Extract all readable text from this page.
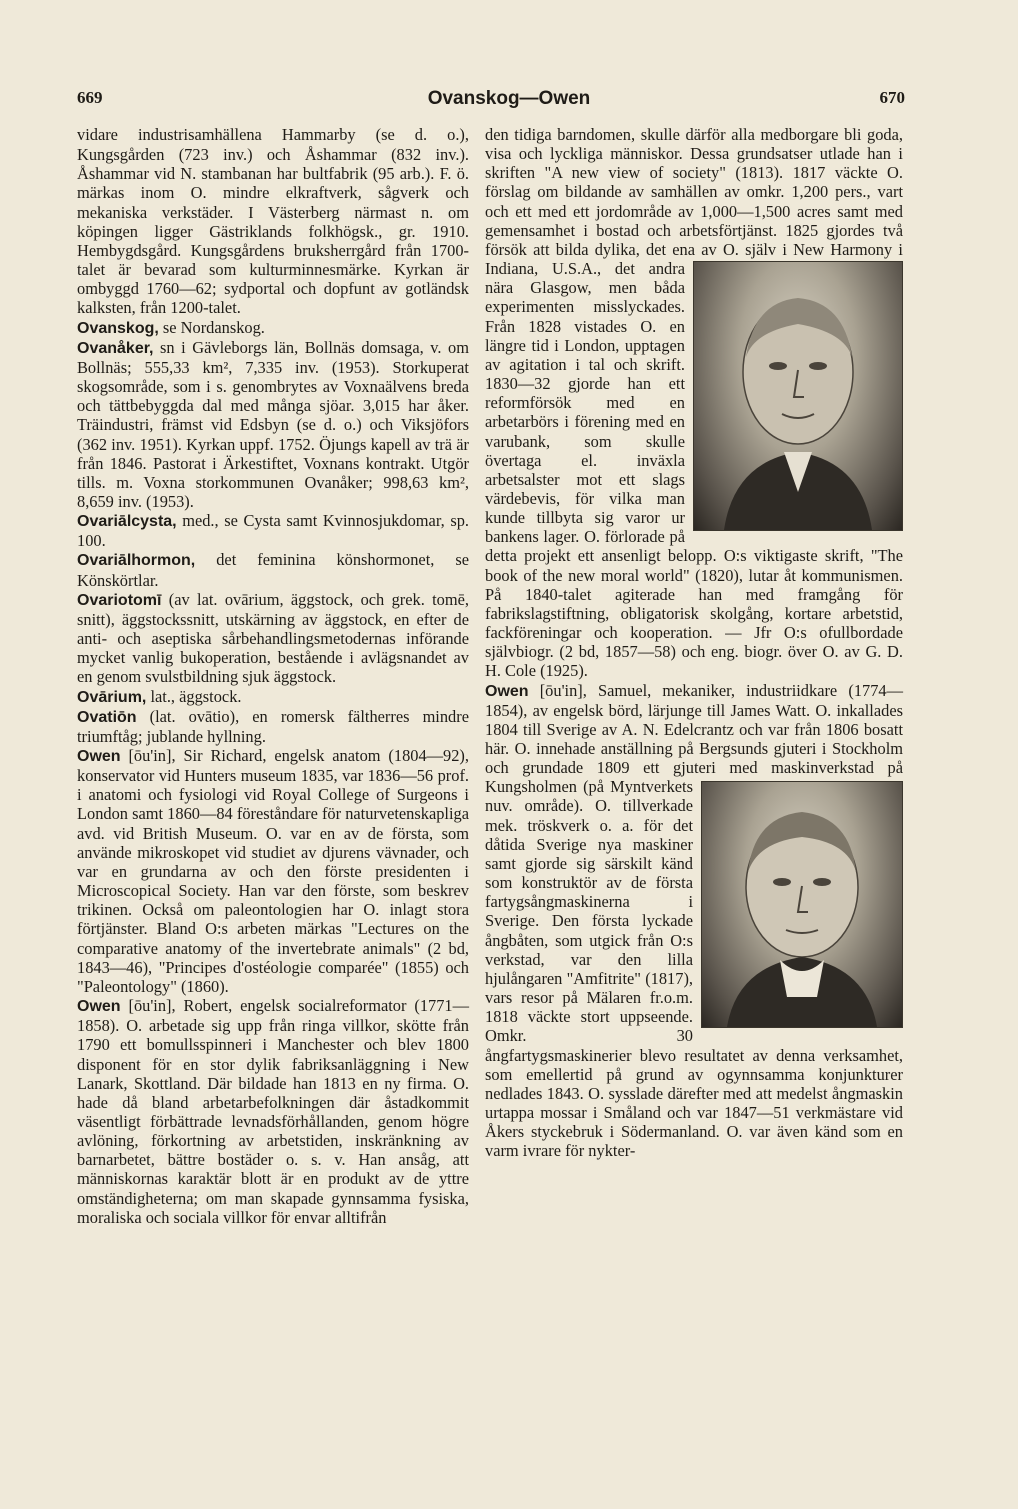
669	Ovanskog—Owen	670

vidare industrisamhällena Hammarby (se d. o.), Kungsgården (723 inv.) och Åshammar (832 inv.). Åshammar vid N. stambanan har bultfabrik (95 arb.). F. ö. märkas inom O. mindre elkraftverk, sågverk och mekaniska verkstäder. I Västerberg närmast n. om köpingen ligger Gästriklands folkhögsk., gr. 1910. Hembygdsgård. Kungsgårdens bruksherrgård från 1700-talet är bevarad som kulturminnesmärke. Kyrkan är ombyggd 1760—62; sydportal och dopfunt av gotländsk kalksten, från 1200-talet.

Ovanskog, se Nordanskog.

Ovanåker, sn i Gävleborgs län, Bollnäs domsaga, v. om Bollnäs; 555,33 km², 7,335 inv. (1953). Storkuperat skogsområde, som i s. genombrytes av Voxnaälvens breda och tättbebyggda dal med många sjöar. 3,015 har åker. Träindustri, främst vid Edsbyn (se d. o.) och Viksjöfors (362 inv. 1951). Kyrkan uppf. 1752. Öjungs kapell av trä är från 1846. Pastorat i Ärkestiftet, Voxnans kontrakt. Utgör tills. m. Voxna storkommunen Ovanåker; 998,63 km², 8,659 inv. (1953).

Ovariālcysta, med., se Cysta samt Kvinnosjukdomar, sp. 100.

Ovariālhormon, det feminina könshormonet, se Könskörtlar.

Ovariotomī (av lat. ovārium, äggstock, och grek. tomē, snitt), äggstockssnitt, utskärning av äggstock, en efter de anti- och aseptiska sårbehandlingsmetodernas införande mycket vanlig bukoperation, bestående i avlägsnandet av en genom svulstbildning sjuk äggstock.

Ovārium, lat., äggstock.

Ovatiōn (lat. ovātio), en romersk fältherres mindre triumftåg; jublande hyllning.

Owen [ōu'in], Sir Richard, engelsk anatom (1804—92), konservator vid Hunters museum 1835, var 1836—56 prof. i anatomi och fysiologi vid Royal College of Surgeons i London samt 1860—84 föreståndare för naturvetenskapliga avd. vid British Museum. O. var en av de första, som använde mikroskopet vid studiet av djurens vävnader, och var en grundarna av och den förste presidenten i Microscopical Society. Han var den förste, som beskrev trikinen. Också om paleontologien har O. inlagt stora förtjänster. Bland O:s arbeten märkas "Lectures on the comparative anatomy of the invertebrate animals" (2 bd, 1843—46), "Principes d'ostéologie comparée" (1855) och "Paleontology" (1860).

Owen [ōu'in], Robert, engelsk socialreformator (1771—1858). O. arbetade sig upp från ringa villkor, skötte från 1790 ett bomullsspinneri i Manchester och blev 1800 disponent för en stor dylik fabriksanläggning i New Lanark, Skottland. Där bildade han 1813 en ny firma. O. hade då bland arbetarbefolkningen där åstadkommit väsentligt förbättrade levnadsförhållanden, genom högre avlöning, förkortning av arbetstiden, inskränkning av barnarbetet, bättre bostäder o. s. v. Han ansåg, att människornas karaktär blott är en produkt av de yttre omständigheterna; om man skapade gynnsamma fysiska, moraliska och sociala villkor för envar alltifrån

den tidiga barndomen, skulle därför alla medborgare bli goda, visa och lyckliga människor. Dessa grundsatser utlade han i skriften "A new view of society" (1813). 1817 väckte O. förslag om bildande av samhällen av omkr. 1,200 pers., vart och ett med ett jordområde av 1,000—1,500 acres samt med gemensamhet i bostad och arbetsförtjänst. 1825 gjordes två försök att bilda dylika, det ena av O. själv i New Harmony i Indiana, U.S.A., det andra nära Glasgow, men båda experimenten misslyckades. Från 1828 vistades O. en längre tid i London, upptagen av agitation i tal och skrift. 1830—32 gjorde han ett reformförsök med en arbetarbörs i förening med en varubank, som skulle övertaga el. inväxla arbetsalster mot ett slags värdebevis, för vilka man kunde tillbyta sig varor ur bankens lager. O. förlorade på detta projekt ett ansenligt belopp. O:s viktigaste skrift, "The book of the new moral world" (1820), lutar åt kommunismen. På 1840-talet agiterade han med framgång för fabrikslagstiftning, obligatorisk skolgång, kortare arbetstid, fackföreningar och kooperation. — Jfr O:s ofullbordade självbiogr. (2 bd, 1857—58) och eng. biogr. över O. av G. D. H. Cole (1925).

Owen [ōu'in], Samuel, mekaniker, industriidkare (1774—1854), av engelsk börd, lärjunge till James Watt. O. inkallades 1804 till Sverige av A. N. Edelcrantz och var från 1806 bosatt här. O. innehade anställning på Bergsunds gjuteri i Stockholm och grundade 1809 ett gjuteri med maskinverkstad på Kungsholmen (på Myntverkets nuv. område). O. tillverkade mek. tröskverk o. a. för det dåtida Sverige nya maskiner samt gjorde sig särskilt känd som konstruktör av de första fartygsångmaskinerna i Sverige. Den första lyckade ångbåten, som utgick från O:s verkstad, var den lilla hjulångaren "Amfitrite" (1817), vars resor på Mälaren fr.o.m. 1818 väckte stort uppseende. Omkr. 30 ångfartygsmaskinerier blevo resultatet av denna verksamhet, som emellertid på grund av ogynnsamma konjunkturer nedlades 1843. O. sysslade därefter med att medelst ångmaskin urtappa mossar i Småland och var 1847—51 verkmästare vid Åkers styckebruk i Södermanland. O. var även känd som en varm ivrare för nykter-
